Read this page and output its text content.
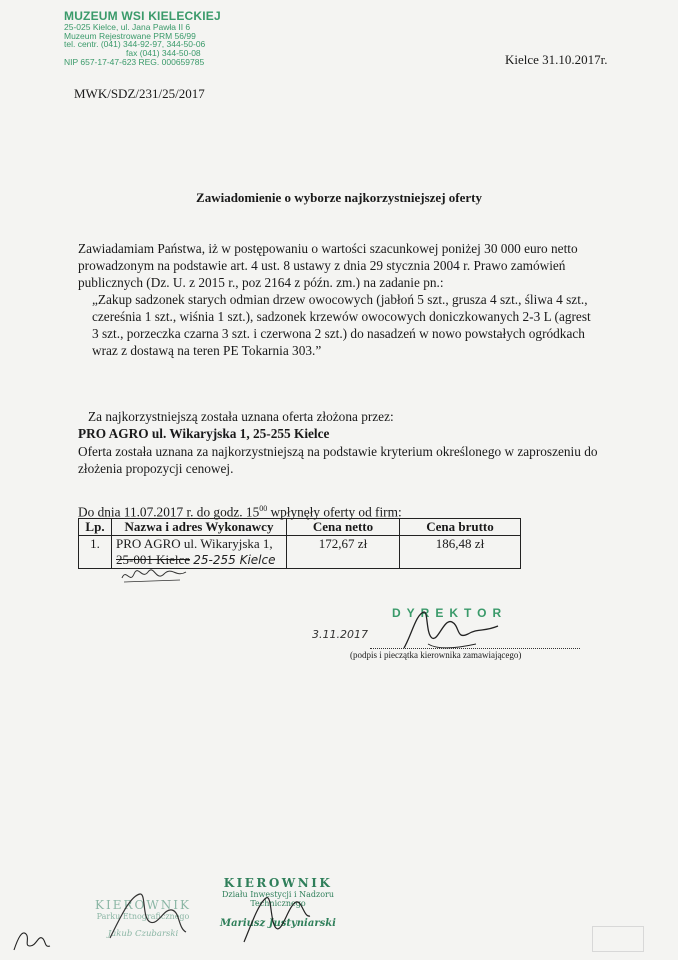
MUZEUM WSI KIELECKIEJ
25-025 Kielce, ul. Jana Pawła II 6
Muzeum Rejestrowane PRM 56/99
tel. centr. (041) 344-92-97, 344-50-06
fax (041) 344-50-08
NIP 657-17-47-623 REG. 000659785
MWK/SDZ/231/25/2017
Kielce 31.10.2017r.
Zawiadomienie o wyborze najkorzystniejszej oferty
Zawiadamiam Państwa, iż w postępowaniu o wartości szacunkowej poniżej 30 000 euro netto prowadzonym na podstawie art. 4 ust. 8 ustawy z dnia 29 stycznia 2004 r. Prawo zamówień publicznych (Dz. U. z 2015 r., poz 2164 z późn. zm.) na zadanie pn.:
„Zakup sadzonek starych odmian drzew owocowych (jabłoń 5 szt., grusza 4 szt., śliwa 4 szt., czereśnia 1 szt., wiśnia 1 szt.), sadzonek krzewów owocowych doniczkowanych 2-3 L (agrest 3 szt., porzeczka czarna 3 szt. i czerwona 2 szt.) do nasadzeń w nowo powstałych ogródkach wraz z dostawą na teren PE Tokarnia 303.”
Za najkorzystniejszą została uznana oferta złożona przez:
PRO AGRO ul. Wikaryjska 1, 25-255 Kielce
Oferta została uznana za najkorzystniejszą na podstawie kryterium określonego w zaproszeniu do złożenia propozycji cenowej.
Do dnia 11.07.2017 r. do godz. $15^{00}$ wpłynęły oferty od firm:
Lp.	Nazwa i adres Wykonawcy	Cena netto	Cena brutto
1.	PRO AGRO ul. Wikaryjska 1,
25-001 Kielce 25-255 Kielce	172,67 zł	186,48 zł
DYREKTOR
3.11.2017
(podpis i pieczątka kierownika zamawiającego)
KIEROWNIK
Parku Etnograficznego
Jakub Czubarski
KIEROWNIK
Działu Inwestycji i Nadzoru Technicznego
Mariusz Justyniarski
